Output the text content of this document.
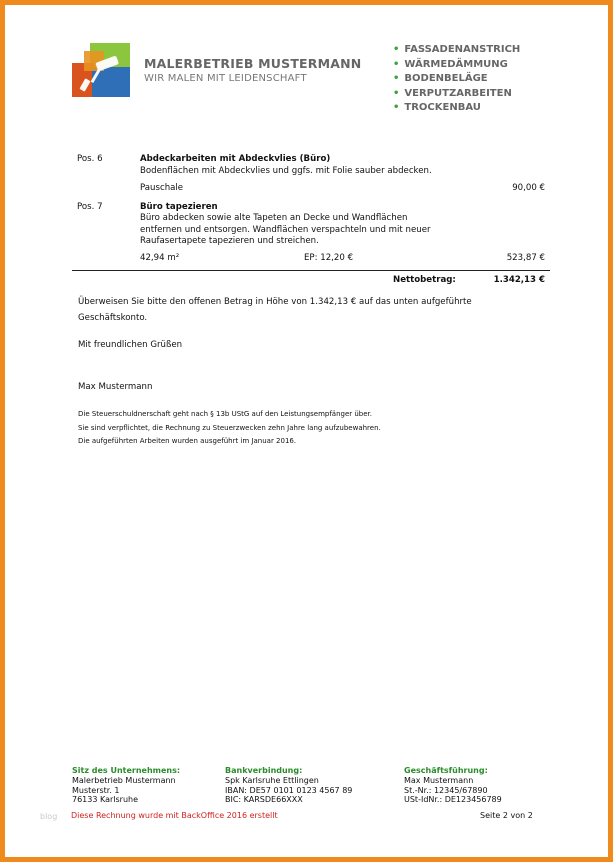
MALERBETRIEB MUSTERMANN
WIR MALEN MIT LEIDENSCHAFT
• FASSADENANSTRICH
• WÄRMEDÄMMUNG
• BODENBELÄGE
• VERPUTZARBEITEN
• TROCKENBAU
Pos. 6	Abdeckarbeiten mit Abdeckvlies (Büro)
Bodenflächen mit Abdeckvlies und ggfs. mit Folie sauber abdecken.
Pauschale	90,00 €
Pos. 7	Büro tapezieren
Büro abdecken sowie alte Tapeten an Decke und Wandflächen
entfernen und entsorgen. Wandflächen verspachteln und mit neuer
Raufasertapete tapezieren und streichen.
42,94 m²	EP: 12,20 €	523,87 €
Nettobetrag:	1.342,13 €
Überweisen Sie bitte den offenen Betrag in Höhe von 1.342,13 € auf das unten aufgeführte
Geschäftskonto.
Mit freundlichen Grüßen
Max Mustermann
Die Steuerschuldnerschaft geht nach § 13b UStG auf den Leistungsempfänger über.
Sie sind verpflichtet, die Rechnung zu Steuerzwecken zehn Jahre lang aufzubewahren.
Die aufgeführten Arbeiten wurden ausgeführt im Januar 2016.
Sitz des Unternehmens:
Malerbetrieb Mustermann
Musterstr. 1
76133 Karlsruhe
Bankverbindung:
Spk Karlsruhe Ettlingen
IBAN: DE57 0101 0123 4567 89
BIC: KARSDE66XXX
Geschäftsführung:
Max Mustermann
St.-Nr.: 12345/67890
USt-IdNr.: DE123456789
blog Diese Rechnung wurde mit BackOffice 2016 erstellt	Seite 2 von 2
